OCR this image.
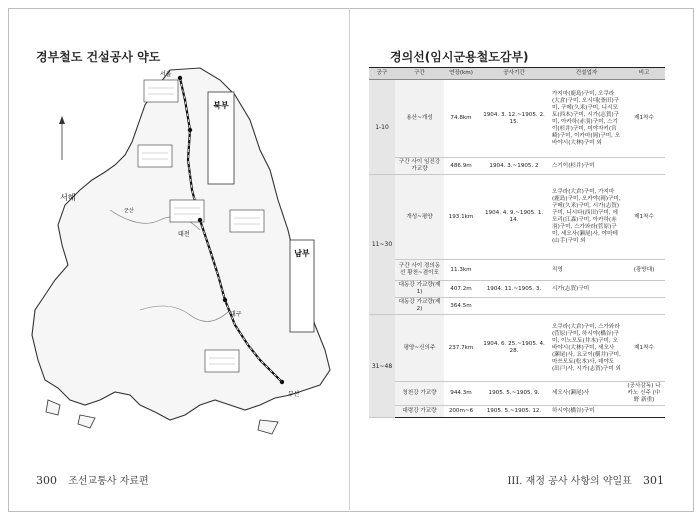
경부철도 건설공사 약도
북부
남부
서울
대전
대구
부산
서해
군산
300 조선교통사 자료편
경의선(임시군용철도감부)
공구	구간	연장(km)	공사기간	건설업자	비고
1-10	용산~개성	74.8km	1904. 3. 12.~1905. 2. 15.	가지마(鹿島)구미, 오쿠라(大倉)구미, 오시대(釜田)구미, 구메(久米)구미, 니시모토(西本)구미, 시가(志賀)구미, 아카하(赤羽)구미, 스기이(杉井)구미, 미야자키(宮崎)구미, 이카마(岡)구미, 오바야시(大林)구미 외	제1착수
	구간 사이 임진강 가교량	486.9m	1904. 3.~1905. 2	스기이(杉井)구미	
11~30	개성~평양	193.1km	1904. 4. 9.~1905. 1. 14.	오쿠라(大倉)구미, 가지마(鹿島)구미, 오카야(岡)구미, 구메(久米)구미, 시가(志賀)구미, 니시다(西田)구미, 에모리(江森)구미, 아카하(赤羽)구미, 스가와라(菅原)구미, 세오사(瀬尾)사, 야마테(山手)구미 외	제1착수
	구간 사이 경의동선 황천~겸이포	11.3km		직영	(광방대)
	대동강 가교량(제1)	407.2m	1904. 11.~1905. 3.	시가(志賀)구미	
	대동강 가교량(제2)	364.5m			
31~48	평양~신의주	237.7km	1904. 6. 25.~1905. 4. 28.	오쿠라(大倉)구미, 스가와라(菅原)구미, 하시야(橋谷)구미, 이노모토(井本)구미, 오바야시(大林)구미, 세오사(瀬尾)사, 요코이(横井)구미, 마쓰모토(松本)사, 데야도(出戸)사, 시가(志賀)구미 외	제1착수
	청천강 가교량	944.3m	1905. 5.~1905. 9.	세오사(瀬尾)사	(공사감독) 나카노 신주 (中野 新重)
	대령강 가교량	200m~6	1905. 5.~1905. 12.	하시야(橋谷)구미	
III. 재정 공사 사항의 약일표 301
